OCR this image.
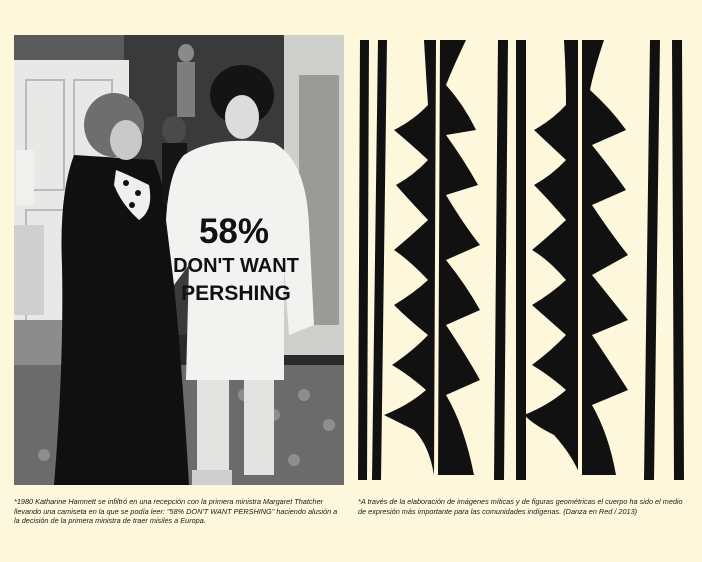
58%
DON'T WANT
PERSHING
*1980 Katharine Hamnett se infiltró en una recepción con la primera ministra Margaret Thatcher llevando una camiseta en la que se podía leer: "58% DON'T WANT PERSHING" haciendo alusión a la decisión de la primera ministra de traer misiles a Europa.
*A través de la elaboración de imágenes míticas y de figuras geométricas el cuerpo ha sido el medio de expresión más importante para las comunidades indígenas. (Danza en Red / 2013)
